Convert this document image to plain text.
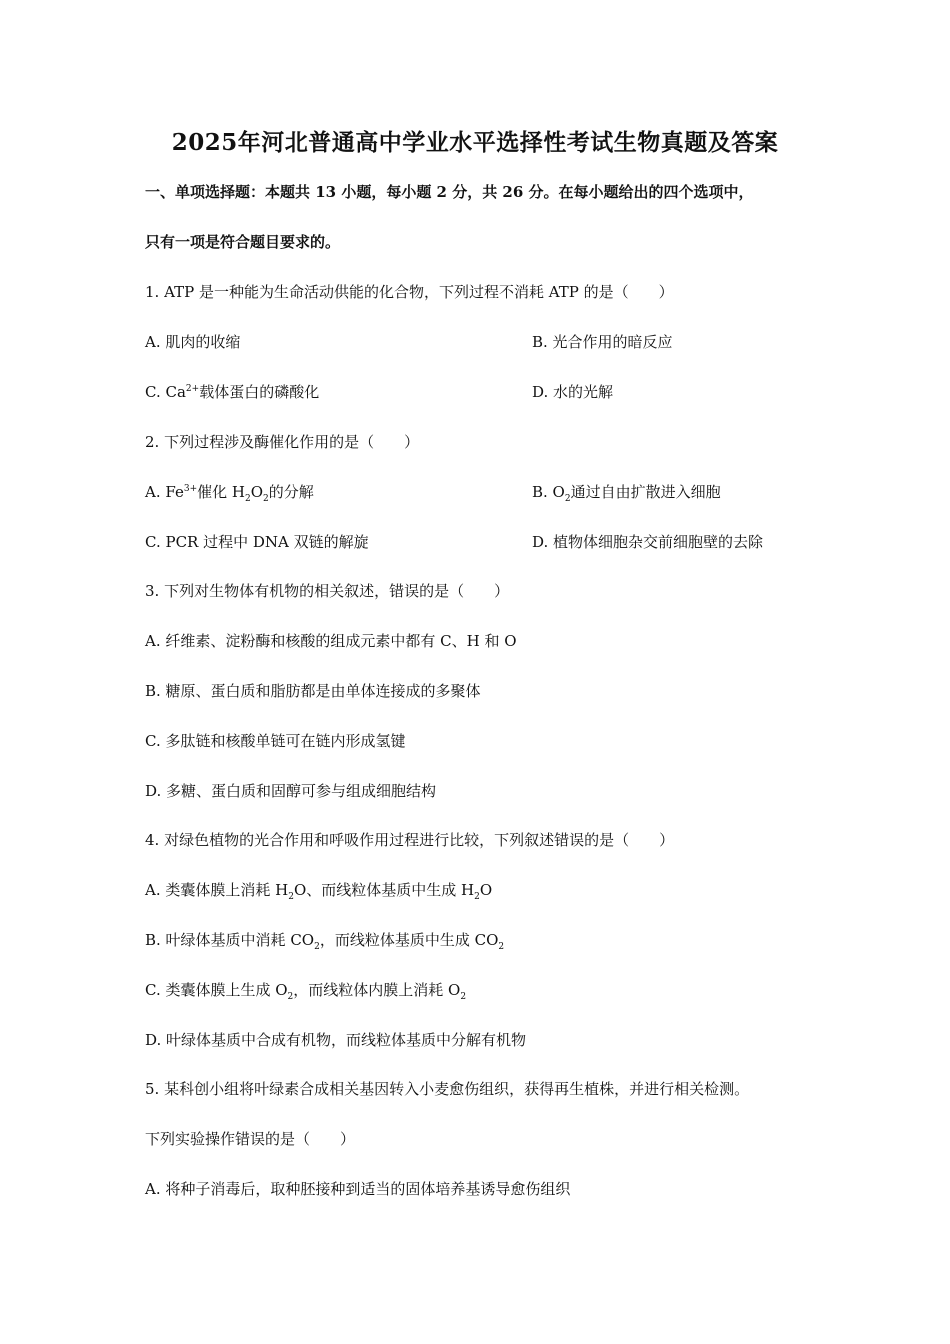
2025年河北普通高中学业水平选择性考试生物真题及答案
一、单项选择题：本题共 13 小题，每小题 2 分，共 26 分。在每小题给出的四个选项中，
只有一项是符合题目要求的。
1. ATP 是一种能为生命活动供能的化合物，下列过程不消耗 ATP 的是（　　）
A. 肌肉的收缩	B. 光合作用的暗反应
C. $Ca^{2+}$载体蛋白的磷酸化	D. 水的光解
2. 下列过程涉及酶催化作用的是（　　）
A. $Fe^{3+}$催化 $H_2O_2$的分解	B. $O_2$通过自由扩散进入细胞
C. PCR 过程中 DNA 双链的解旋	D. 植物体细胞杂交前细胞壁的去除
3. 下列对生物体有机物的相关叙述，错误的是（　　）
A. 纤维素、淀粉酶和核酸的组成元素中都有 C、H 和 O
B. 糖原、蛋白质和脂肪都是由单体连接成的多聚体
C. 多肽链和核酸单链可在链内形成氢键
D. 多糖、蛋白质和固醇可参与组成细胞结构
4. 对绿色植物的光合作用和呼吸作用过程进行比较，下列叙述错误的是（　　）
A. 类囊体膜上消耗 $H_2O$、而线粒体基质中生成 $H_2O$
B. 叶绿体基质中消耗 $CO_2$，而线粒体基质中生成 $CO_2$
C. 类囊体膜上生成 $O_2$，而线粒体内膜上消耗 $O_2$
D. 叶绿体基质中合成有机物，而线粒体基质中分解有机物
5. 某科创小组将叶绿素合成相关基因转入小麦愈伤组织，获得再生植株，并进行相关检测。
下列实验操作错误的是（　　）
A. 将种子消毒后，取种胚接种到适当的固体培养基诱导愈伤组织
